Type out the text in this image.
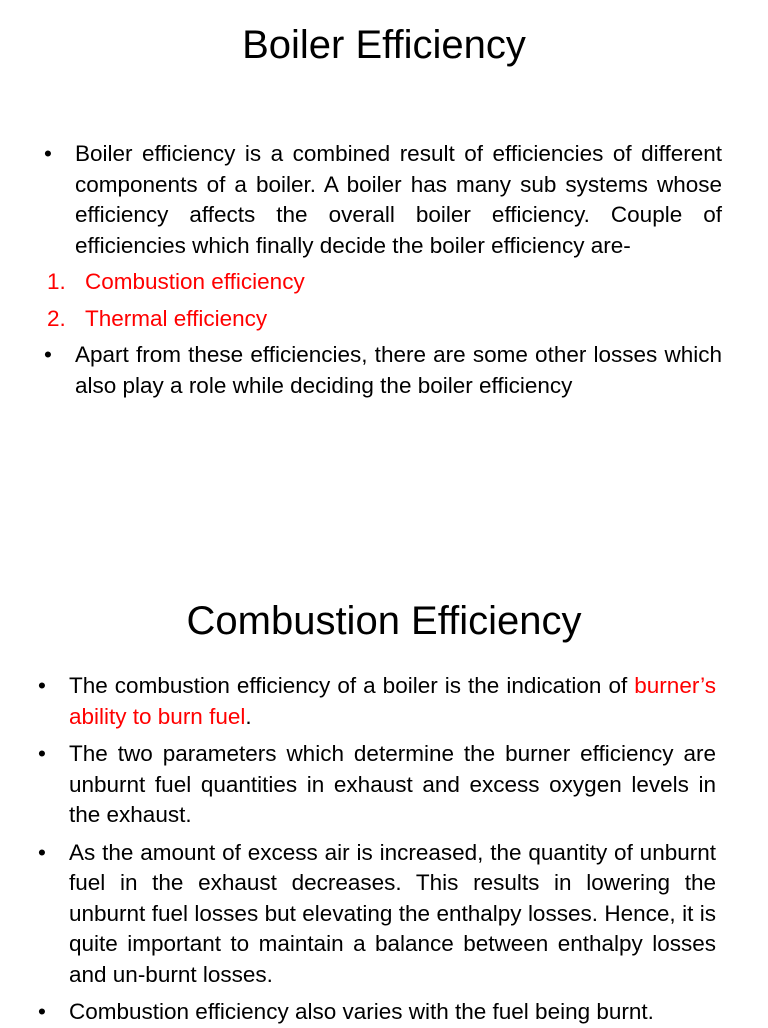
Boiler Efficiency
• Boiler efficiency is a combined result of efficiencies of different components of a boiler. A boiler has many sub systems whose efficiency affects the overall boiler efficiency. Couple of efficiencies which finally decide the boiler efficiency are-
1. Combustion efficiency
2. Thermal efficiency
• Apart from these efficiencies, there are some other losses which also play a role while deciding the boiler efficiency
Combustion Efficiency
• The combustion efficiency of a boiler is the indication of burner’s ability to burn fuel.
• The two parameters which determine the burner efficiency are unburnt fuel quantities in exhaust and excess oxygen levels in the exhaust.
• As the amount of excess air is increased, the quantity of unburnt fuel in the exhaust decreases. This results in lowering the unburnt fuel losses but elevating the enthalpy losses. Hence, it is quite important to maintain a balance between enthalpy losses and un-burnt losses.
• Combustion efficiency also varies with the fuel being burnt.
